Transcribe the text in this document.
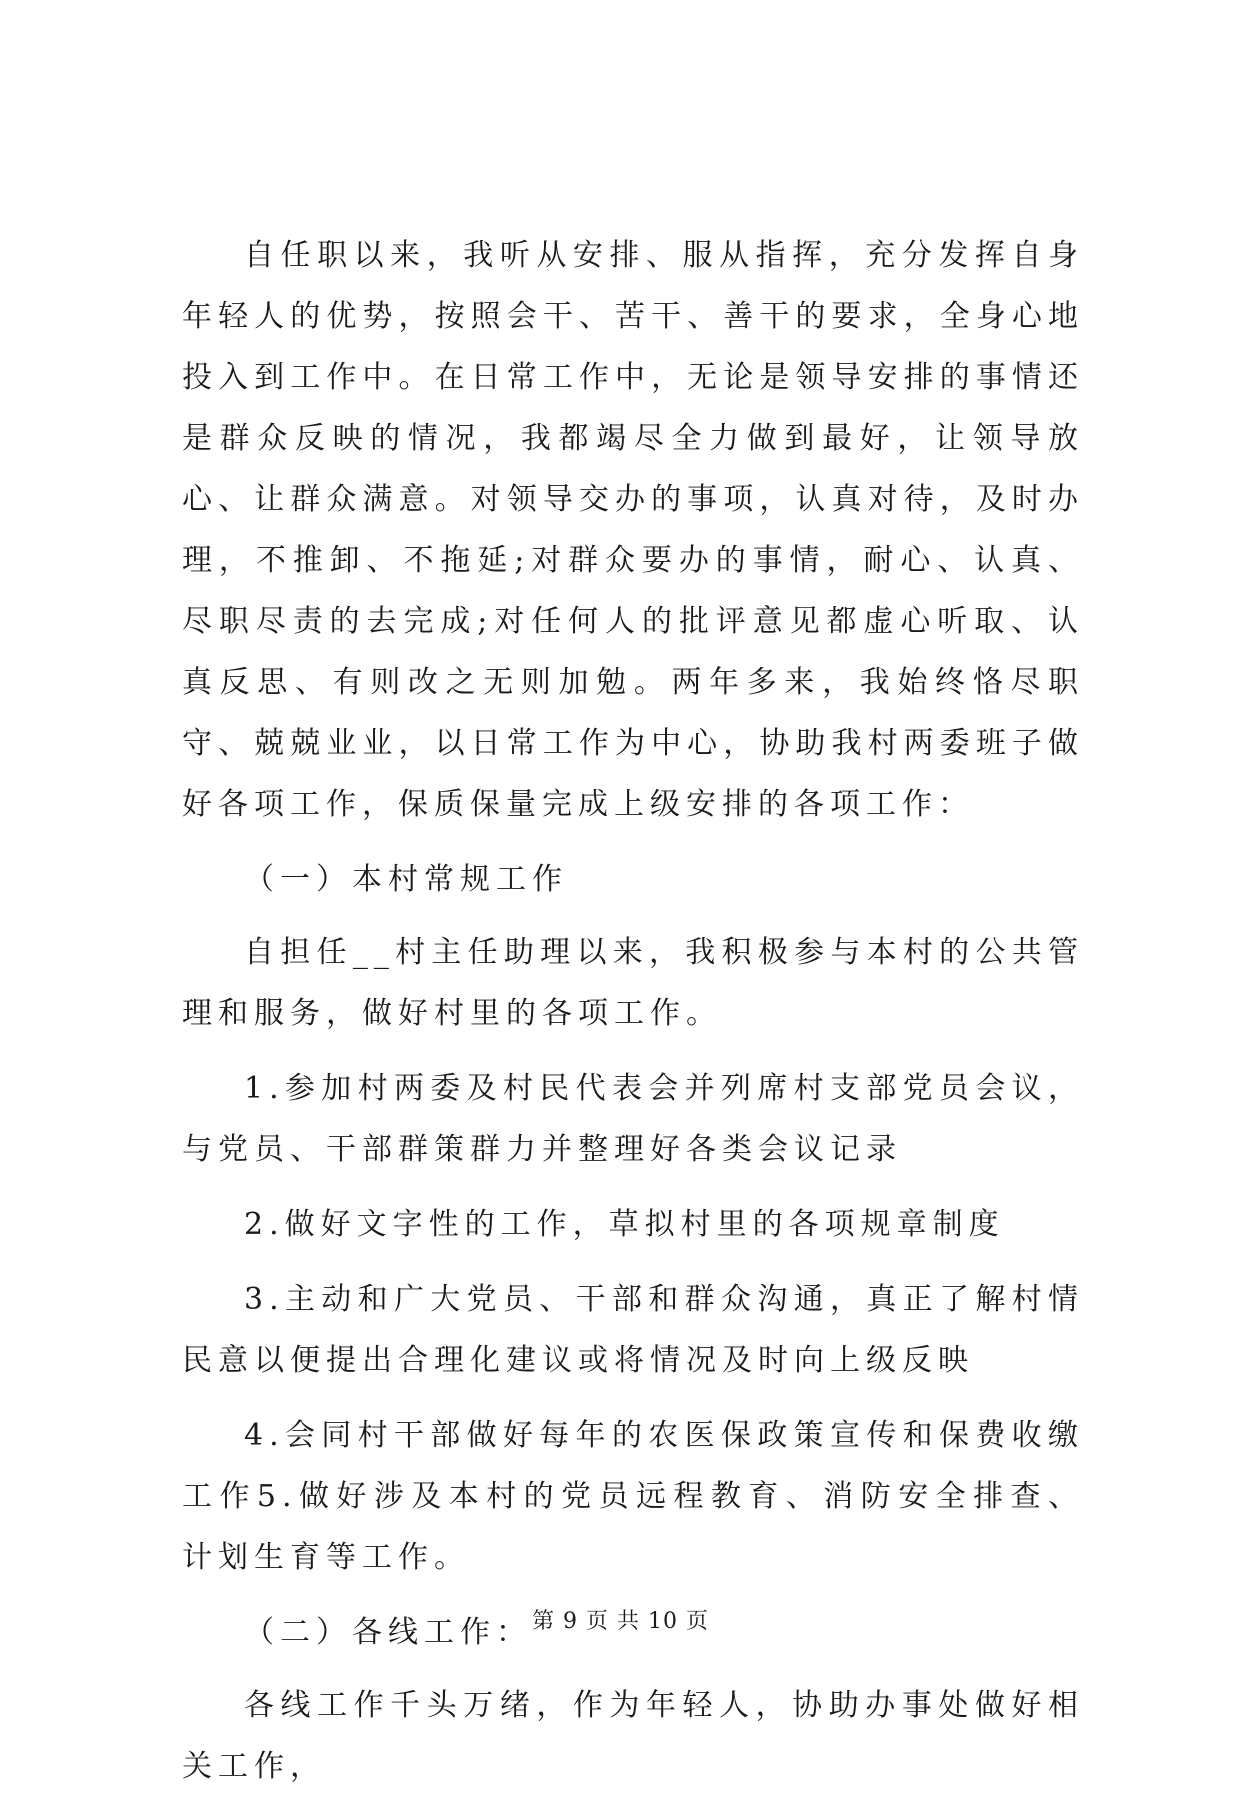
自任职以来，我听从安排、服从指挥，充分发挥自身年轻人的优势，按照会干、苦干、善干的要求，全身心地投入到工作中。在日常工作中，无论是领导安排的事情还是群众反映的情况，我都竭尽全力做到最好，让领导放心、让群众满意。对领导交办的事项，认真对待，及时办理，不推卸、不拖延;对群众要办的事情，耐心、认真、尽职尽责的去完成;对任何人的批评意见都虚心听取、认真反思、有则改之无则加勉。两年多来，我始终恪尽职守、兢兢业业，以日常工作为中心，协助我村两委班子做好各项工作，保质保量完成上级安排的各项工作：

（一）本村常规工作

自担任__村主任助理以来，我积极参与本村的公共管理和服务，做好村里的各项工作。

1.参加村两委及村民代表会并列席村支部党员会议，与党员、干部群策群力并整理好各类会议记录

2.做好文字性的工作，草拟村里的各项规章制度

3.主动和广大党员、干部和群众沟通，真正了解村情民意以便提出合理化建议或将情况及时向上级反映

4.会同村干部做好每年的农医保政策宣传和保费收缴工作5.做好涉及本村的党员远程教育、消防安全排查、计划生育等工作。

（二）各线工作：

各线工作千头万绪，作为年轻人，协助办事处做好相关工作，

第 9 页 共 10 页
